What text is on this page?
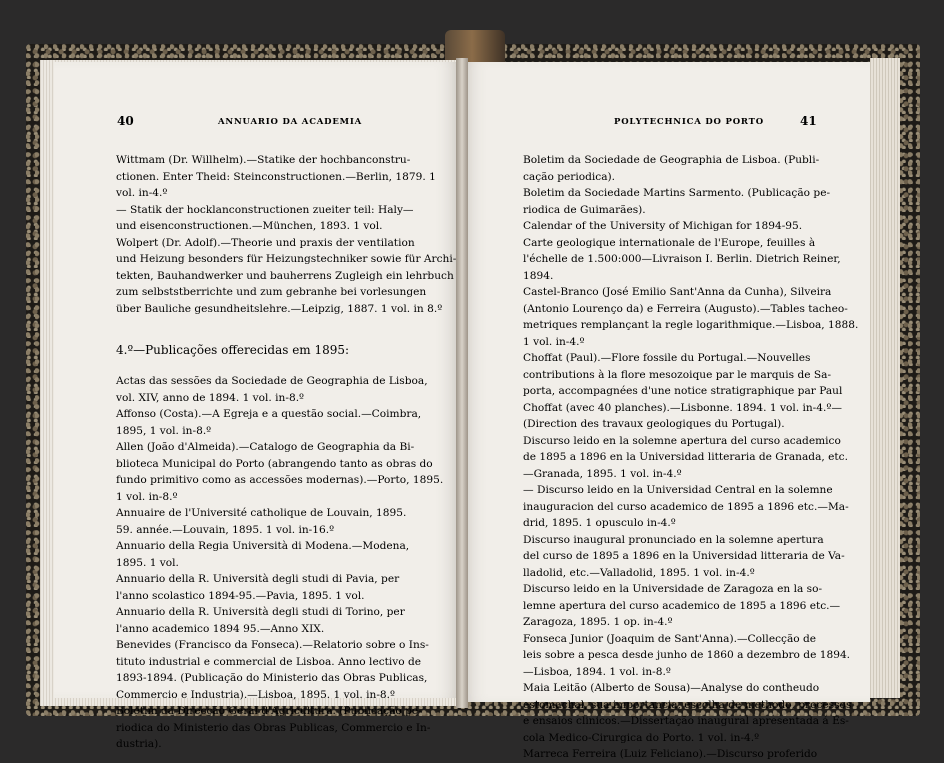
40	ANNUARIO DA ACADEMIA	41
POLYTECHNICA DO PORTO
Wittmam (Dr. Willhelm).—Statike der hochbanconstru-
ctionen. Enter Theid: Steinconstructionen.—Berlin, 1879. 1
vol. in-4.º
— Statik der hocklanconstructionen zueiter teil: Haly—
und eisenconstructionen.—München, 1893. 1 vol.
Wolpert (Dr. Adolf).—Theorie und praxis der ventilation
und Heizung besonders für Heizungstechniker sowie für Archi-
tekten, Bauhandwerker und bauherrens Zugleigh ein lehrbuch
zum selbststberrichte und zum gebranhe bei vorlesungen
über Bauliche gesundheitslehre.—Leipzig, 1887. 1 vol. in 8.º
4.º—Publicações offerecidas em 1895:
Actas das sessões da Sociedade de Geographia de Lisboa,
vol. XIV, anno de 1894. 1 vol. in-8.º
Affonso (Costa).—A Egreja e a questão social.—Coimbra,
1895, 1 vol. in-8.º
Allen (João d'Almeida).—Catalogo de Geographia da Bi-
blioteca Municipal do Porto (abrangendo tanto as obras do
fundo primitivo como as accessões modernas).—Porto, 1895.
1 vol. in-8.º
Annuaire de l'Université catholique de Louvain, 1895.
59. année.—Louvain, 1895. 1 vol. in-16.º
Annuario della Regia Università di Modena.—Modena,
1895. 1 vol.
Annuario della R. Università degli studi di Pavia, per
l'anno scolastico 1894-95.—Pavia, 1895. 1 vol.
Annuario della R. Università degli studi di Torino, per
l'anno academico 1894 95.—Anno XIX.
Benevides (Francisco da Fonseca).—Relatorio sobre o Ins-
tituto industrial e commercial de Lisboa. Anno lectivo de
1893-1894. (Publicação do Ministerio das Obras Publicas,
Commercio e Industria).—Lisboa, 1895. 1 vol. in-8.º
Boletim da Direcção Geral d'Agricultura. (Publicação pe-
riodica do Ministerio das Obras Publicas, Commercio e In-
dustria).
Boletim da Sociedade de Geographia de Lisboa. (Publi-
cação periodica).
Boletim da Sociedade Martins Sarmento. (Publicação pe-
riodica de Guimarães).
Calendar of the University of Michigan for 1894-95.
Carte geologique internationale de l'Europe, feuilles à
l'échelle de 1.500:000—Livraison I. Berlin. Dietrich Reiner,
1894.
Castel-Branco (José Emilio Sant'Anna da Cunha), Silveira
(Antonio Lourenço da) e Ferreira (Augusto).—Tables tacheo-
metriques remplançant la regle logarithmique.—Lisboa, 1888.
1 vol. in-4.º
Choffat (Paul).—Flore fossile du Portugal.—Nouvelles
contributions à la flore mesozoique par le marquis de Sa-
porta, accompagnées d'une notice stratigraphique par Paul
Choffat (avec 40 planches).—Lisbonne. 1894. 1 vol. in-4.º—
(Direction des travaux geologiques du Portugal).
Discurso leido en la solemne apertura del curso academico
de 1895 a 1896 en la Universidad litteraria de Granada, etc.
—Granada, 1895. 1 vol. in-4.º
— Discurso leido en la Universidad Central en la solemne
inauguracion del curso academico de 1895 a 1896 etc.—Ma-
drid, 1895. 1 opusculo in-4.º
Discurso inaugural pronunciado en la solemne apertura
del curso de 1895 a 1896 en la Universidad litteraria de Va-
lladolid, etc.—Valladolid, 1895. 1 vol. in-4.º
Discurso leido en la Universidade de Zaragoza en la so-
lemne apertura del curso academico de 1895 a 1896 etc.—
Zaragoza, 1895. 1 op. in-4.º
Fonseca Junior (Joaquim de Sant'Anna).—Collecção de
leis sobre a pesca desde junho de 1860 a dezembro de 1894.
—Lisboa, 1894. 1 vol. in-8.º
Maia Leitão (Alberto de Sousa)—Analyse do contheudo
estomachal, sua importancia, escolha de methodo, processos
e ensaios clinicos.—Dissertação inaugural apresentada á Es-
cola Medico-Cirurgica do Porto. 1 vol. in-4.º
Marreca Ferreira (Luiz Feliciano).—Discurso proferido
